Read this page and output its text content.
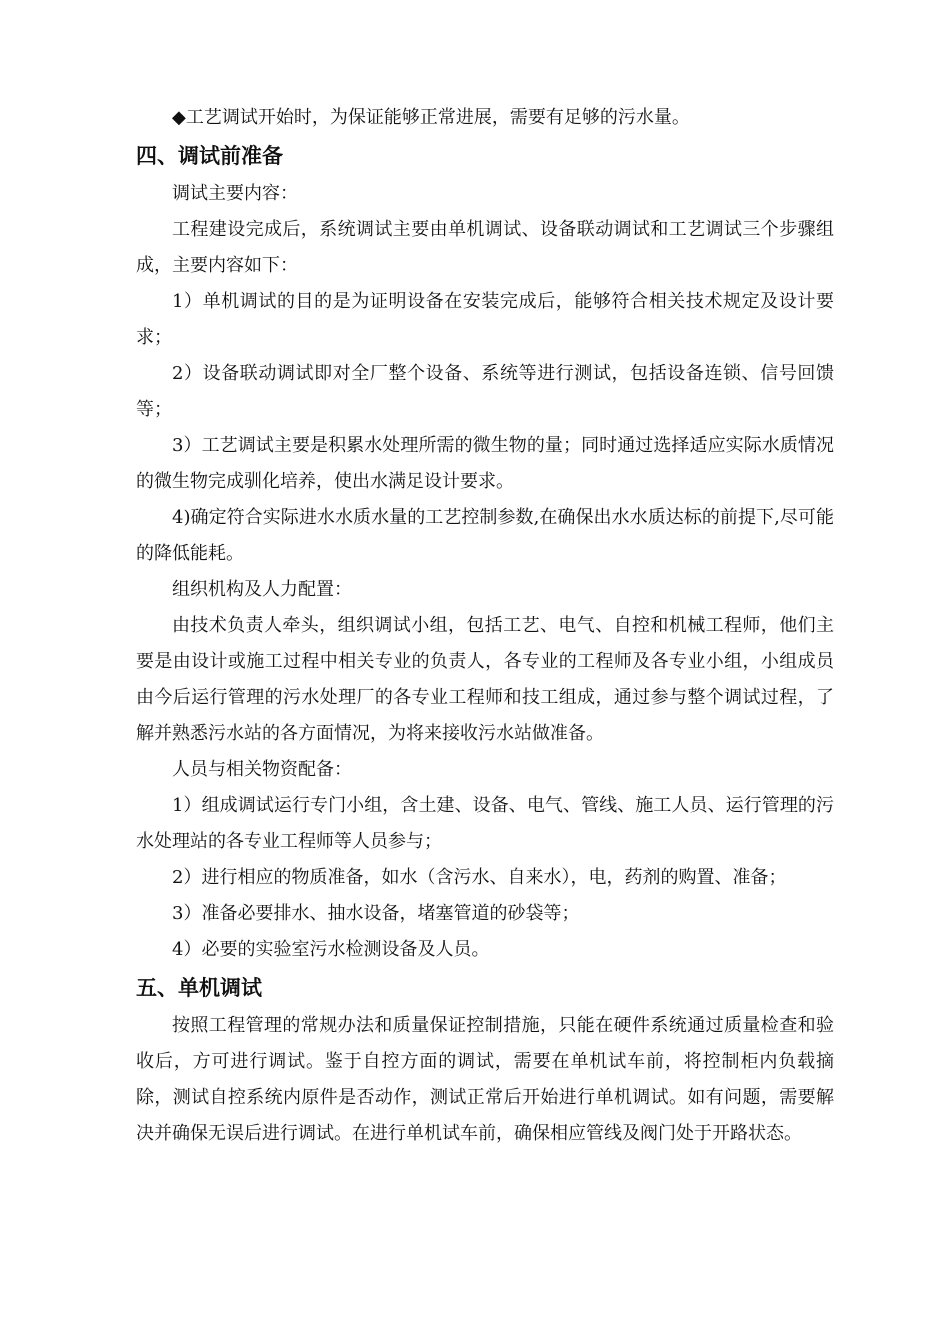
◆工艺调试开始时，为保证能够正常进展，需要有足够的污水量。

四、调试前准备

调试主要内容：

工程建设完成后，系统调试主要由单机调试、设备联动调试和工艺调试三个步骤组成，主要内容如下：

1）单机调试的目的是为证明设备在安装完成后，能够符合相关技术规定及设计要求；

2）设备联动调试即对全厂整个设备、系统等进行测试，包括设备连锁、信号回馈等；

3）工艺调试主要是积累水处理所需的微生物的量；同时通过选择适应实际水质情况的微生物完成驯化培养，使出水满足设计要求。

4)确定符合实际进水水质水量的工艺控制参数,在确保出水水质达标的前提下,尽可能的降低能耗。

组织机构及人力配置：

由技术负责人牵头，组织调试小组，包括工艺、电气、自控和机械工程师，他们主要是由设计或施工过程中相关专业的负责人，各专业的工程师及各专业小组，小组成员由今后运行管理的污水处理厂的各专业工程师和技工组成，通过参与整个调试过程，了解并熟悉污水站的各方面情况，为将来接收污水站做准备。

人员与相关物资配备：

1）组成调试运行专门小组，含土建、设备、电气、管线、施工人员、运行管理的污水处理站的各专业工程师等人员参与；

2）进行相应的物质准备，如水（含污水、自来水），电，药剂的购置、准备；

3）准备必要排水、抽水设备，堵塞管道的砂袋等；

4）必要的实验室污水检测设备及人员。

五、单机调试

按照工程管理的常规办法和质量保证控制措施，只能在硬件系统通过质量检查和验收后，方可进行调试。鉴于自控方面的调试，需要在单机试车前，将控制柜内负载摘除，测试自控系统内原件是否动作，测试正常后开始进行单机调试。如有问题，需要解决并确保无误后进行调试。在进行单机试车前，确保相应管线及阀门处于开路状态。
